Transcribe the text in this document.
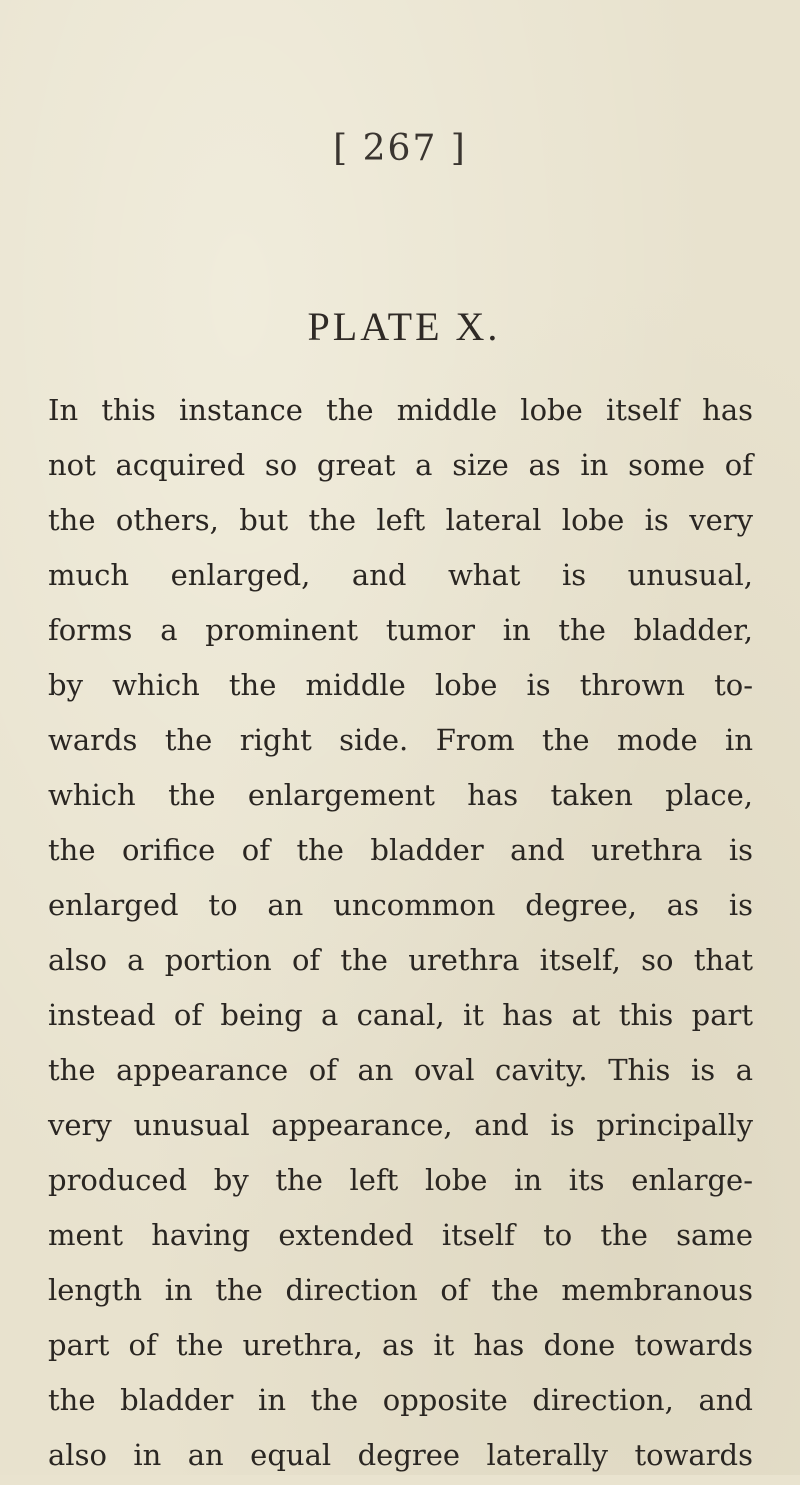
[ 267 ]
PLATE X.
In this instance the middle lobe itself has
not acquired so great a size as in some of
the others, but the left lateral lobe is very
much enlarged, and what is unusual,
forms a prominent tumor in the bladder,
by which the middle lobe is thrown to-
wards the right side. From the mode in
which the enlargement has taken place,
the orifice of the bladder and urethra is
enlarged to an uncommon degree, as is
also a portion of the urethra itself, so that
instead of being a canal, it has at this part
the appearance of an oval cavity. This is a
very unusual appearance, and is principally
produced by the left lobe in its enlarge-
ment having extended itself to the same
length in the direction of the membranous
part of the urethra, as it has done towards
the bladder in the opposite direction, and
also in an equal degree laterally towards
